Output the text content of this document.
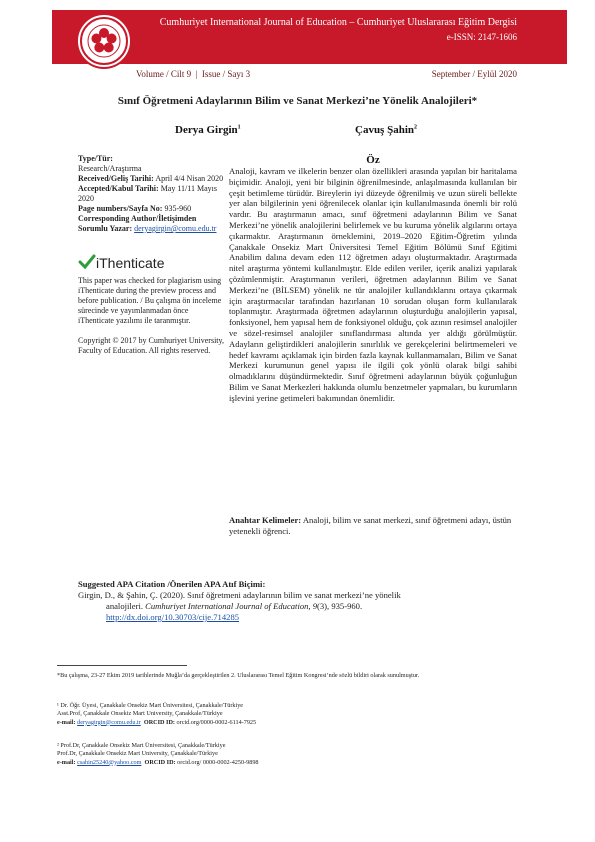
Cumhuriyet International Journal of Education – Cumhuriyet Uluslararası Eğitim Dergisi
e-ISSN: 2147-1606
Volume / Cilt 9  |  Issue / Sayı 3	September / Eylül 2020
Sınıf Öğretmeni Adaylarının Bilim ve Sanat Merkezi’ne Yönelik Analojileri*
Derya Girgin$^1$	Çavuş Şahin$^2$
Type/Tür:
Research/Araştırma
Received/Geliş Tarihi: April 4/4 Nisan 2020
Accepted/Kabul Tarihi: May 11/11 Mayıs 2020
Page numbers/Sayfa No: 935-960
Corresponding Author/İletişimden Sorumlu Yazar: deryagirgin@comu.edu.tr
iThenticate
This paper was checked for plagiarism using iThenticate during the preview process and before publication. / Bu çalışma ön inceleme sürecinde ve yayımlanmadan önce iThenticate yazılımı ile taranmıştır.
Copyright © 2017 by Cumhuriyet University, Faculty of Education. All rights reserved.
Öz
Analoji, kavram ve ilkelerin benzer olan özellikleri arasında yapılan bir haritalama biçimidir. Analoji, yeni bir bilginin öğrenilmesinde, anlaşılmasında kullanılan bir çeşit betimleme türüdür. Bireylerin iyi düzeyde öğrenilmiş ve uzun süreli bellekte yer alan bilgilerinin yeni öğrenilecek olanlar için kullanılmasında önemli bir rolü vardır. Bu araştırmanın amacı, sınıf öğretmeni adaylarının Bilim ve Sanat Merkezi’ne yönelik analojilerini belirlemek ve bu kuruma yönelik algılarını ortaya çıkarmaktır. Araştırmanın örneklemini, 2019–2020 Eğitim-Öğretim yılında Çanakkale Onsekiz Mart Üniversitesi Temel Eğitim Bölümü Sınıf Eğitimi Anabilim dalına devam eden 112 öğretmen adayı oluşturmaktadır. Araştırmada nitel araştırma yöntemi kullanılmıştır. Elde edilen veriler, içerik analizi yapılarak çözümlenmiştir. Araştırmanın verileri, öğretmen adaylarının Bilim ve Sanat Merkezi’ne (BİLSEM) yönelik ne tür analojiler kullandıklarını ortaya çıkarmak için araştırmacılar tarafından hazırlanan 10 sorudan oluşan form kullanılarak toplanmıştır. Araştırmada öğretmen adaylarının oluşturduğu analojilerin yapısal, fonksiyonel, hem yapısal hem de fonksiyonel olduğu, çok azının resimsel analojiler ve sözel-resimsel analojiler sınıflandırması altında yer aldığı görülmüştür. Adayların geliştirdikleri analojilerin sınırlılık ve gerekçelerini belirtmemeleri ve hedef kavramı açıklamak için birden fazla kaynak kullanmamaları, Bilim ve Sanat Merkezi kurumunun genel yapısı ile ilgili çok yönlü olarak bilgi sahibi olmadıklarını düşündürmektedir. Sınıf öğretmeni adaylarının büyük çoğunluğun Bilim ve Sanat Merkezleri hakkında olumlu benzetmeler yapmaları, bu kurumların işlevini yerine getimeleri bakımından önemlidir.
Anahtar Kelimeler: Analoji, bilim ve sanat merkezi, sınıf öğretmeni adayı, üstün yetenekli öğrenci.
Suggested APA Citation /Önerilen APA Atıf Biçimi:
Girgin, D., & Şahin, Ç. (2020). Sınıf öğretmeni adaylarının bilim ve sanat merkezi’ne yönelik
analojileri. Cumhuriyet International Journal of Education, 9(3), 935-960.
http://dx.doi.org/10.30703/cije.714285
*Bu çalışma, 23-27 Ekim 2019 tarihlerinde Muğla’da gerçekleştirilen 2. Uluslararası Temel Eğitim Kongresi’nde sözlü bildiri olarak sunulmuştur.
¹ Dr. Öğr. Üyesi, Çanakkale Onsekiz Mart Üniversitesi, Çanakkale/Türkiye
Asst.Prof, Çanakkale Onsekiz Mart University, Çanakkale/Türkiye
e-mail: deryagirgin@comu.edu.tr ORCID ID: orcid.org/0000-0002-6114-7925
² Prof.Dr, Çanakkale Onsekiz Mart Üniversitesi, Çanakkale/Türkiye
Prof.Dr, Çanakkale Onsekiz Mart University, Çanakkale/Türkiye
e-mail: csahin25240@yahoo.com ORCID ID: orcid.org/ 0000-0002-4250-9898
